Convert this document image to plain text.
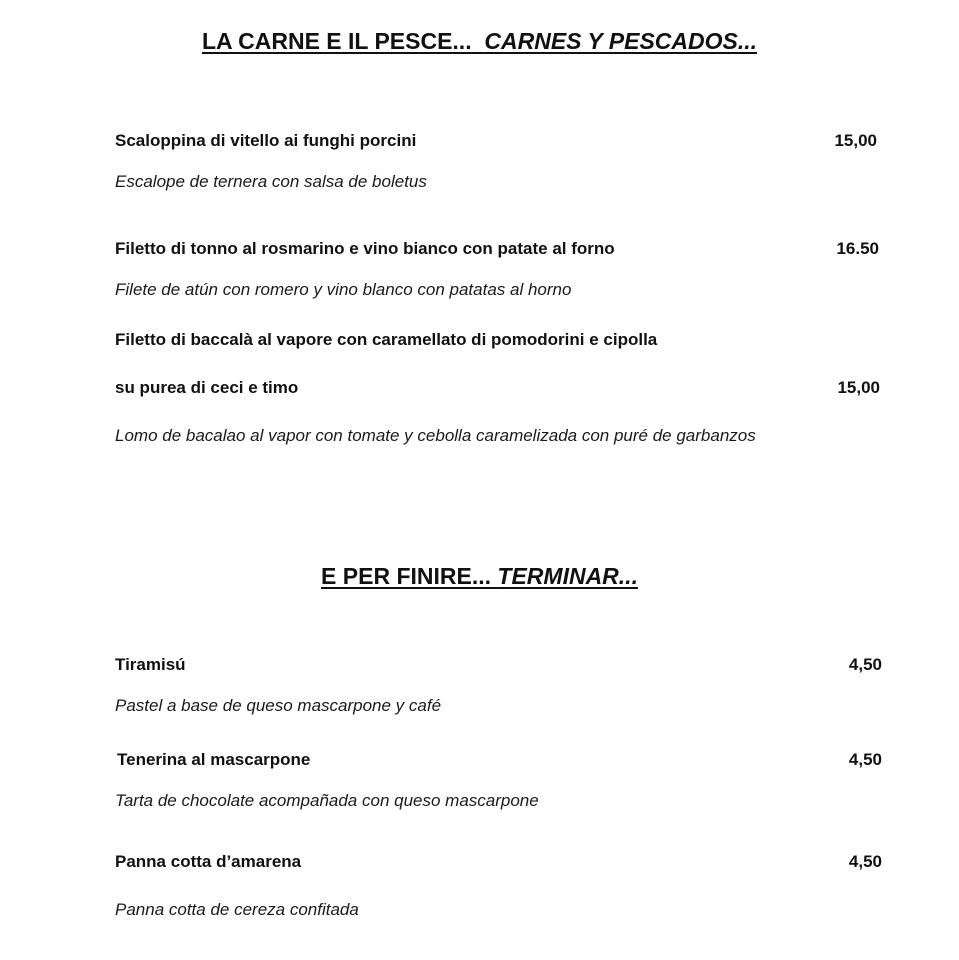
LA CARNE E IL PESCE... CARNES Y PESCADOS...
Scaloppina di vitello ai funghi porcini	15,00
Escalope de ternera con salsa de boletus
Filetto di tonno al rosmarino e vino bianco con patate al forno	16.50
Filete de atún con romero y vino blanco con patatas al horno
Filetto di baccalà al vapore con caramellato di pomodorini e cipolla
su purea di ceci e timo	15,00
Lomo de bacalao al vapor con tomate y cebolla caramelizada con puré de garbanzos
E PER FINIRE... TERMINAR...
Tiramisú	4,50
Pastel a base de queso mascarpone y café
Tenerina al mascarpone	4,50
Tarta de chocolate acompañada con queso mascarpone
Panna cotta d’amarena	4,50
Panna cotta de cereza confitada
